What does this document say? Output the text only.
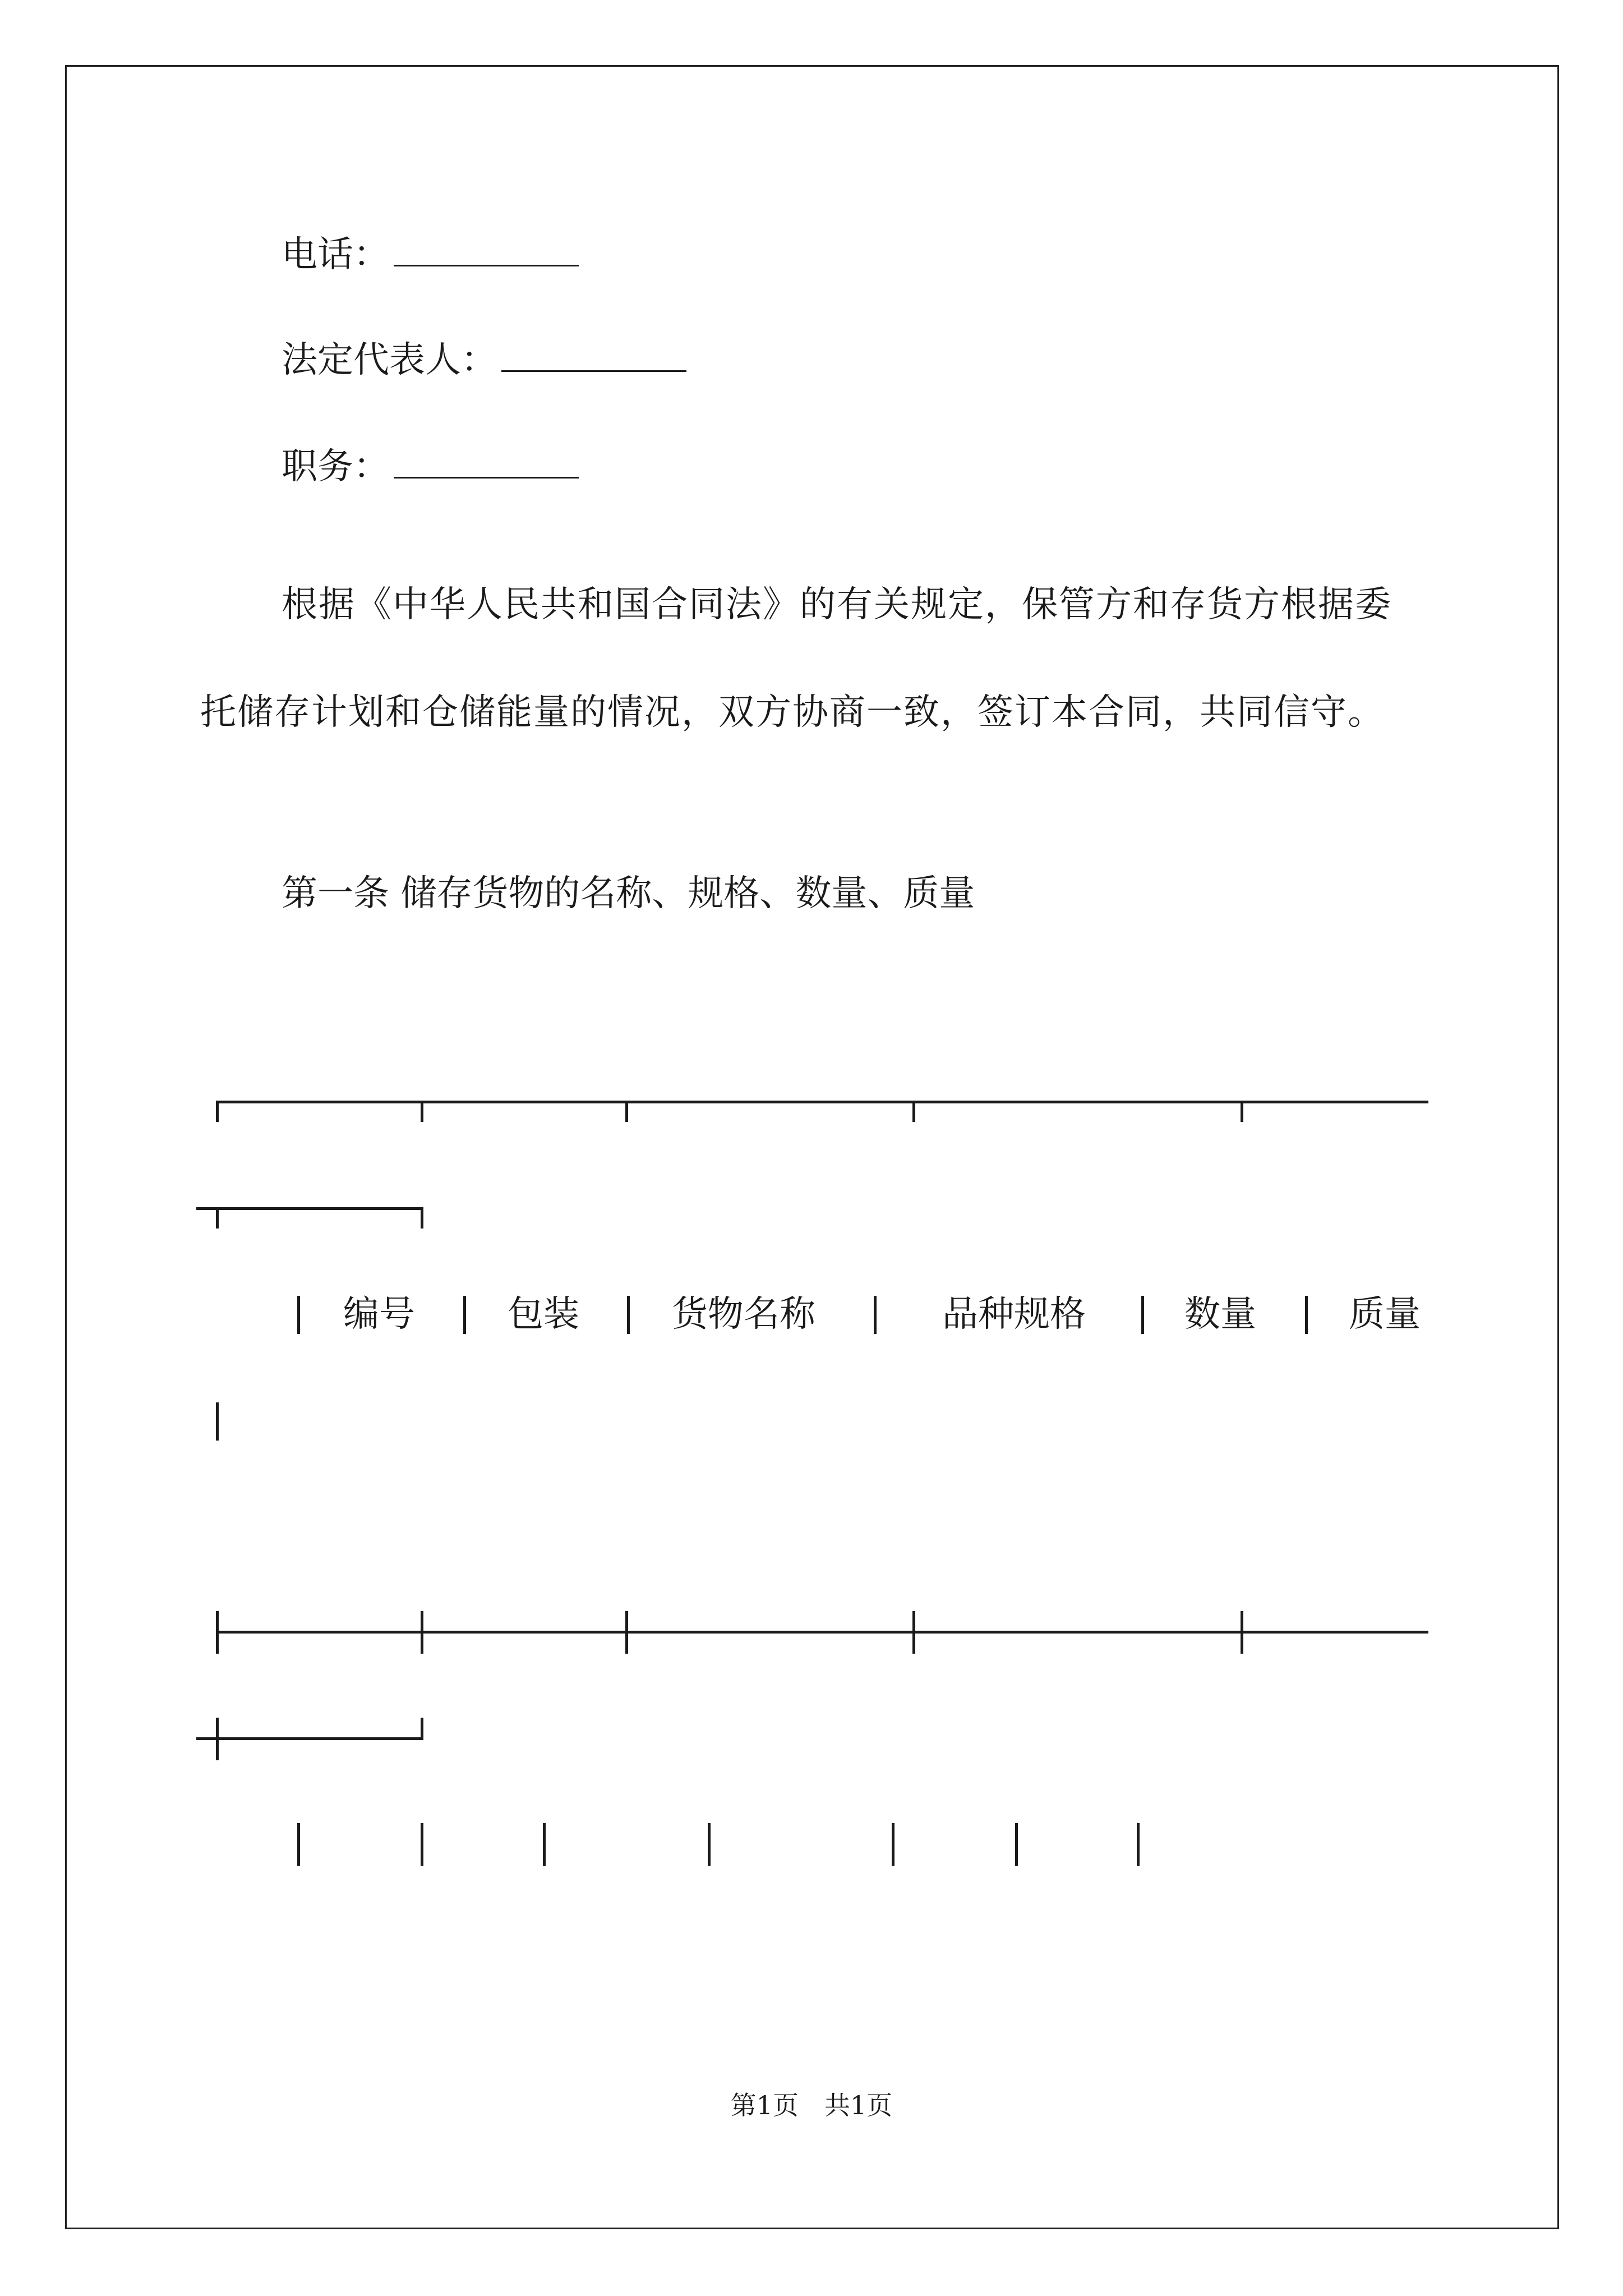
电话：
法定代表人：
职务：

根据《中华人民共和国合同法》的有关规定，保管方和存货方根据委托储存计划和仓储能量的情况，双方协商一致，签订本合同，共同信守。

第一条 储存货物的名称、规格、数量、质量
编号	包装	货物名称	品种规格	数量	质量
第1页　共1页
